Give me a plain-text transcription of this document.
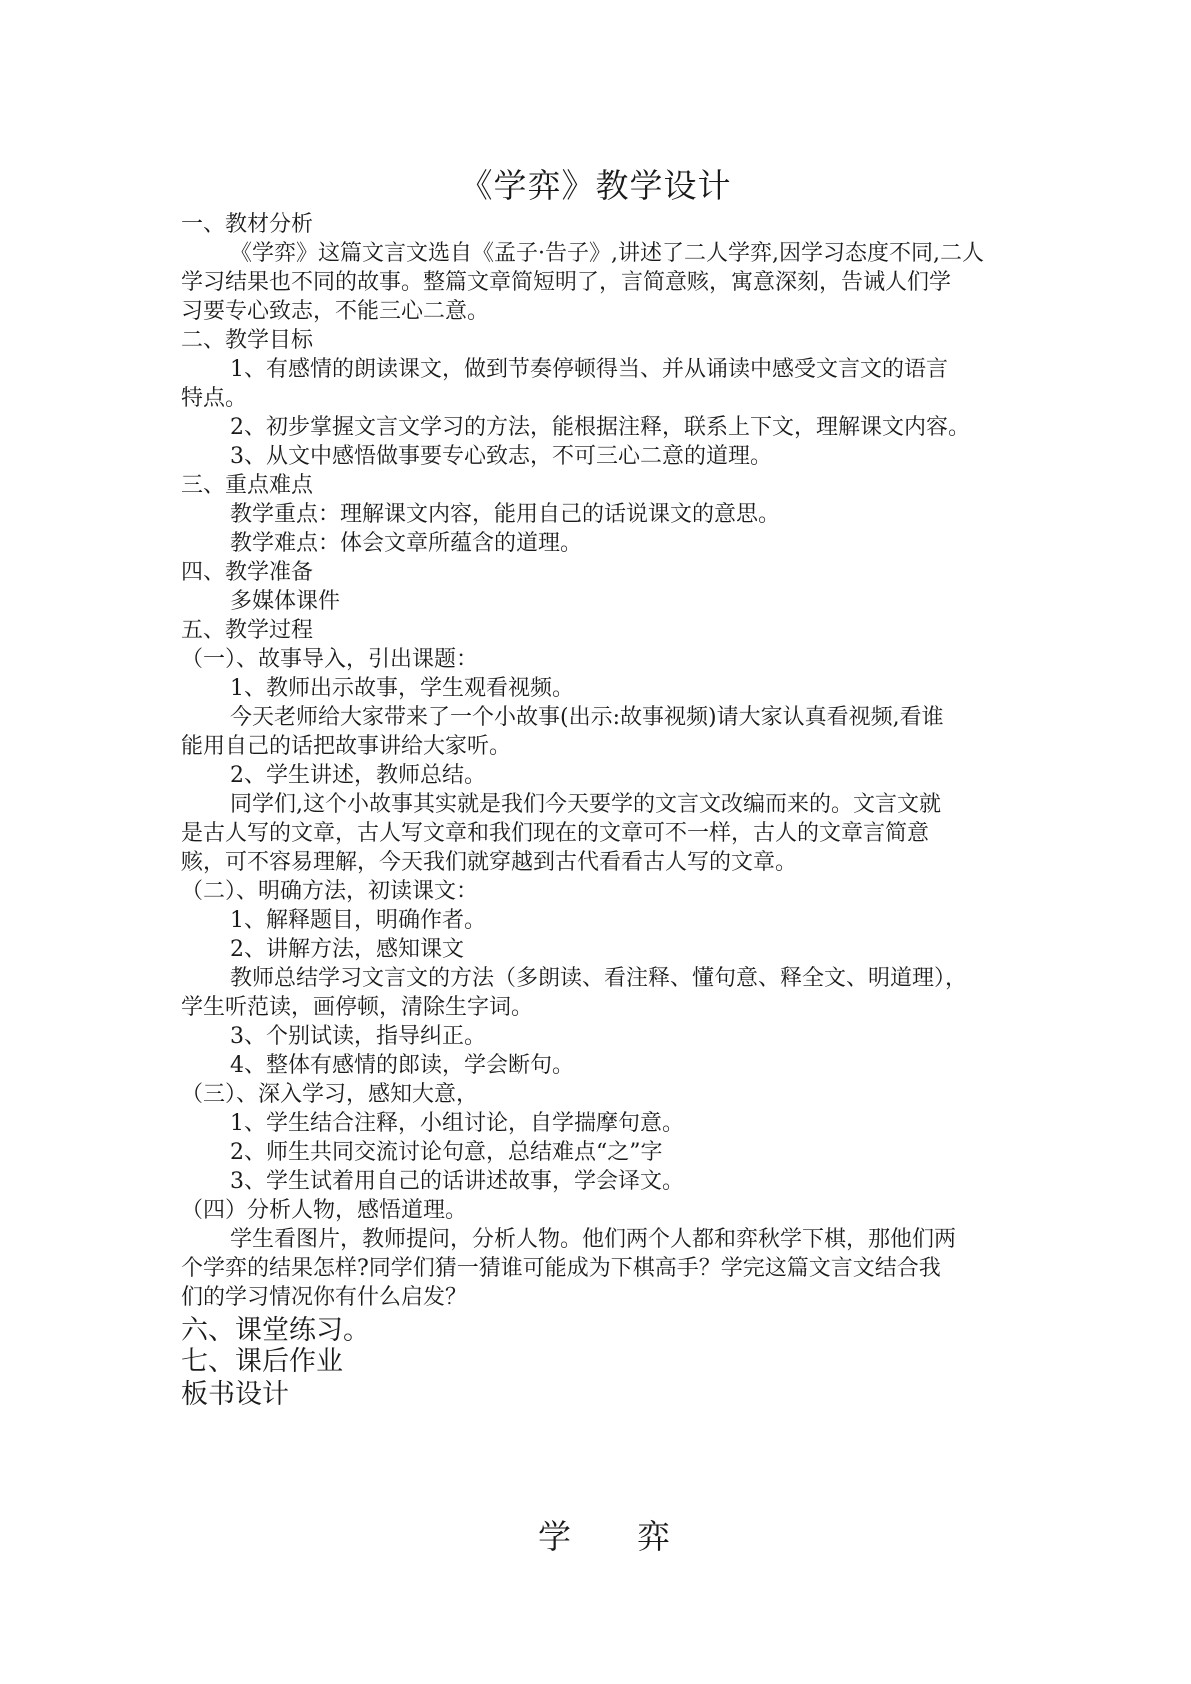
《学弈》教学设计
一、教材分析
《学弈》这篇文言文选自《孟子·告子》,讲述了二人学弈,因学习态度不同,二人
学习结果也不同的故事。整篇文章简短明了，言简意赅，寓意深刻，告诫人们学
习要专心致志，不能三心二意。
二、教学目标
1、有感情的朗读课文，做到节奏停顿得当、并从诵读中感受文言文的语言
特点。
2、初步掌握文言文学习的方法，能根据注释，联系上下文，理解课文内容。
3、从文中感悟做事要专心致志，不可三心二意的道理。
三、重点难点
教学重点：理解课文内容，能用自己的话说课文的意思。
教学难点：体会文章所蕴含的道理。
四、教学准备
多媒体课件
五、教学过程
（一）、故事导入，引出课题：
1、教师出示故事，学生观看视频。
今天老师给大家带来了一个小故事(出示:故事视频)请大家认真看视频,看谁
能用自己的话把故事讲给大家听。
2、学生讲述，教师总结。
同学们,这个小故事其实就是我们今天要学的文言文改编而来的。文言文就
是古人写的文章，古人写文章和我们现在的文章可不一样，古人的文章言简意
赅，可不容易理解，今天我们就穿越到古代看看古人写的文章。
（二）、明确方法，初读课文：
1、解释题目，明确作者。
2、讲解方法，感知课文
教师总结学习文言文的方法（多朗读、看注释、懂句意、释全文、明道理），
学生听范读，画停顿，清除生字词。
3、个别试读，指导纠正。
4、整体有感情的郎读，学会断句。
（三）、深入学习，感知大意，
1、学生结合注释，小组讨论，自学揣摩句意。
2、师生共同交流讨论句意，总结难点“之”字
3、学生试着用自己的话讲述故事，学会译文。
（四）分析人物，感悟道理。
学生看图片，教师提问，分析人物。他们两个人都和弈秋学下棋，那他们两
个学弈的结果怎样?同学们猜一猜谁可能成为下棋高手？学完这篇文言文结合我
们的学习情况你有什么启发？
六、课堂练习。
七、课后作业
板书设计
学　　弈
